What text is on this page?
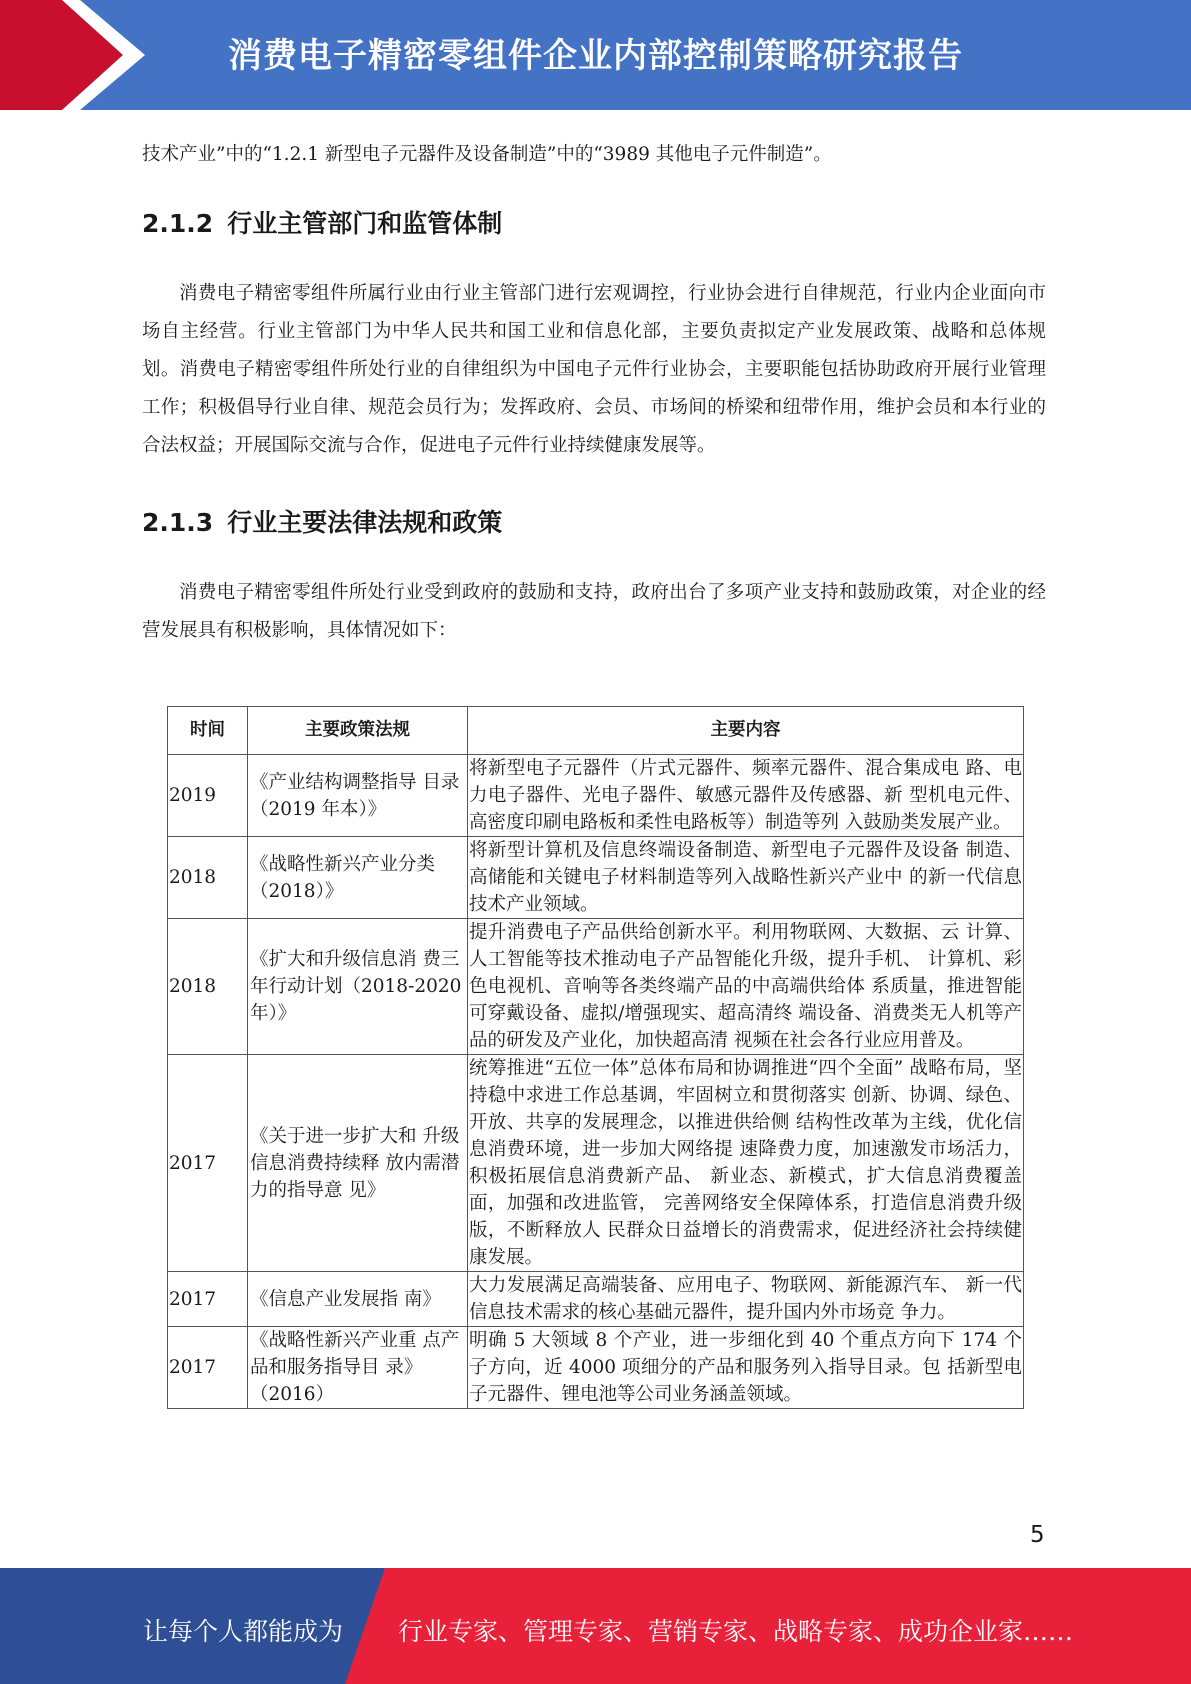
消费电子精密零组件企业内部控制策略研究报告

技术产业”中的“1.2.1 新型电子元器件及设备制造”中的“3989 其他电子元件制造”。

2.1.2 行业主管部门和监管体制

消费电子精密零组件所属行业由行业主管部门进行宏观调控，行业协会进行自律规范，行业内企业面向市场自主经营。行业主管部门为中华人民共和国工业和信息化部，主要负责拟定产业发展政策、战略和总体规划。消费电子精密零组件所处行业的自律组织为中国电子元件行业协会，主要职能包括协助政府开展行业管理工作；积极倡导行业自律、规范会员行为；发挥政府、会员、市场间的桥梁和纽带作用，维护会员和本行业的合法权益；开展国际交流与合作，促进电子元件行业持续健康发展等。

2.1.3 行业主要法律法规和政策

消费电子精密零组件所处行业受到政府的鼓励和支持，政府出台了多项产业支持和鼓励政策，对企业的经营发展具有积极影响，具体情况如下：

时间	主要政策法规	主要内容
2019	《产业结构调整指导 目录（2019 年本）》	将新型电子元器件（片式元器件、频率元器件、混合集成电 路、电力电子器件、光电子器件、敏感元器件及传感器、新 型机电元件、高密度印刷电路板和柔性电路板等）制造等列 入鼓励类发展产业。
2018	《战略性新兴产业分类（2018）》	将新型计算机及信息终端设备制造、新型电子元器件及设备 制造、高储能和关键电子材料制造等列入战略性新兴产业中 的新一代信息技术产业领域。
2018	《扩大和升级信息消 费三年行动计划（2018-2020 年）》	提升消费电子产品供给创新水平。利用物联网、大数据、云 计算、人工智能等技术推动电子产品智能化升级，提升手机、 计算机、彩色电视机、音响等各类终端产品的中高端供给体 系质量，推进智能可穿戴设备、虚拟/增强现实、超高清终 端设备、消费类无人机等产品的研发及产业化，加快超高清 视频在社会各行业应用普及。
2017	《关于进一步扩大和 升级信息消费持续释 放内需潜力的指导意 见》	统筹推进“五位一体”总体布局和协调推进“四个全面” 战略布局，坚持稳中求进工作总基调，牢固树立和贯彻落实 创新、协调、绿色、开放、共享的发展理念，以推进供给侧 结构性改革为主线，优化信息消费环境，进一步加大网络提 速降费力度，加速激发市场活力，积极拓展信息消费新产品、 新业态、新模式，扩大信息消费覆盖面，加强和改进监管， 完善网络安全保障体系，打造信息消费升级版，不断释放人 民群众日益增长的消费需求，促进经济社会持续健康发展。
2017	《信息产业发展指 南》	大力发展满足高端装备、应用电子、物联网、新能源汽车、 新一代信息技术需求的核心基础元器件，提升国内外市场竞 争力。
2017	《战略性新兴产业重 点产品和服务指导目 录》（2016）	明确 5 大领域 8 个产业，进一步细化到 40 个重点方向下 174 个子方向，近 4000 项细分的产品和服务列入指导目录。包 括新型电子元器件、锂电池等公司业务涵盖领域。
5
让每个人都能成为 行业专家、管理专家、营销专家、战略专家、成功企业家……
